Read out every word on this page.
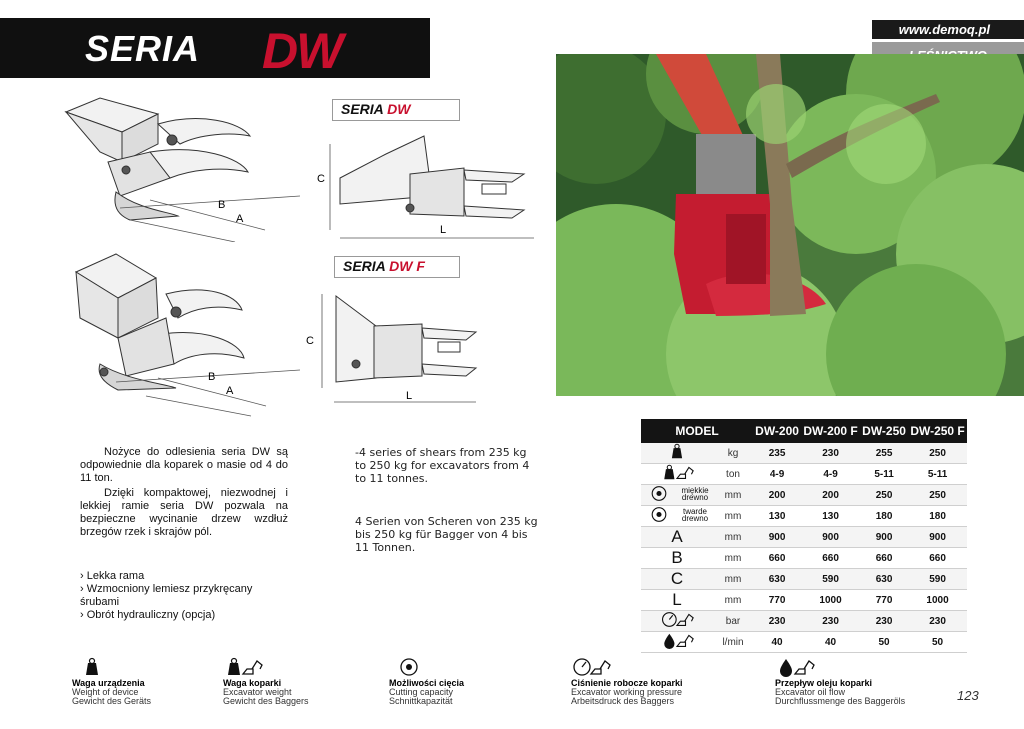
SERIA DW	www.demoq.pl
B
A
SERIA DW
C
L
B
A
SERIA DW F
C
L

Nożyce do odlesienia seria DW są odpowiednie dla koparek o masie od 4 do 11 ton.

Dzięki kompaktowej, niezwodnej i lekkiej ramie seria DW pozwala na bezpieczne wycinanie drzew wzdłuż brzegów rzek i skrajów pól.

› Lekka rama
› Wzmocniony lemiesz przykręcany śrubami
› Obrót hydrauliczny (opcja)
-4 series of shears from 235 kg to 250 kg for excavators from 4 to 11 tonnes.
4 Serien von Scheren von 235 kg bis 250 kg für Bagger von 4 bis 11 Tonnen.
MODEL		DW-200	DW-200 F	DW-250	DW-250 F

	kg	235	230	255	250

	ton	4-9	4-9	5-11	5-11

miękkie drewno	mm	200	200	250	250

twarde drewno	mm	130	130	180	180
A	mm	900	900	900	900
B	mm	660	660	660	660
C	mm	630	590	630	590
L	mm	770	1000	770	1000

	bar	230	230	230	230

	l/min	40	40	50	50
Waga urządzenia
Weight of device
Gewicht des Geräts
Waga koparki
Excavator weight
Gewicht des Baggers
Możliwości cięcia
Cutting capacity
Schnittkapazität
Ciśnienie robocze koparki
Excavator working pressure
Arbeitsdruck des Baggers
Przepływ oleju koparki
Excavator oil flow
Durchflussmenge des Baggeröls	123
